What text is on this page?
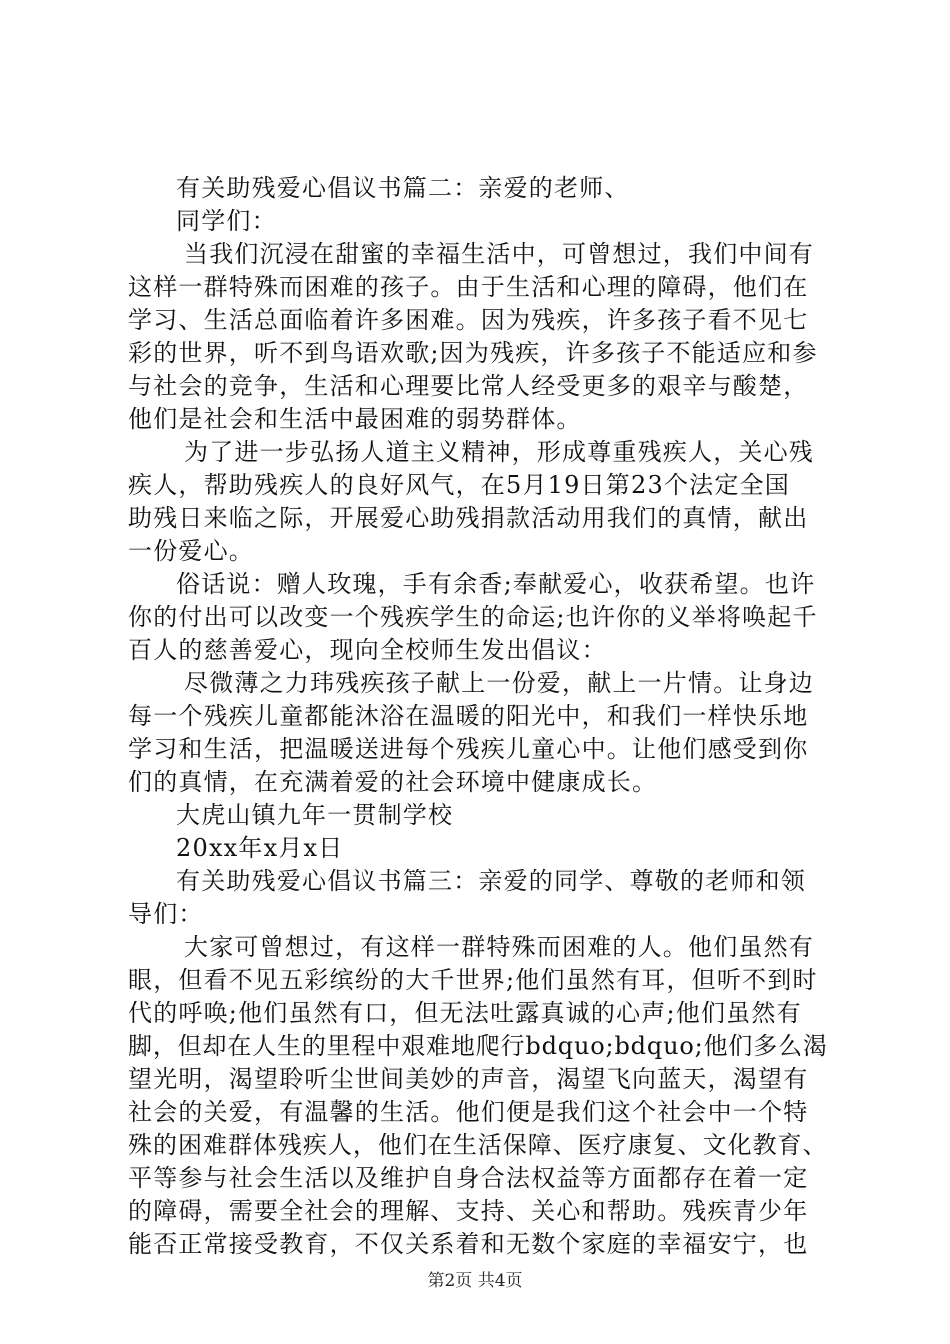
有关助残爱心倡议书篇二：亲爱的老师、
同学们：
当我们沉浸在甜蜜的幸福生活中，可曾想过，我们中间有
这样一群特殊而困难的孩子。由于生活和心理的障碍，他们在
学习、生活总面临着许多困难。因为残疾，许多孩子看不见七
彩的世界，听不到鸟语欢歌;因为残疾，许多孩子不能适应和参
与社会的竞争，生活和心理要比常人经受更多的艰辛与酸楚，
他们是社会和生活中最困难的弱势群体。
为了进一步弘扬人道主义精神，形成尊重残疾人，关心残
疾人，帮助残疾人的良好风气，在5月19日第23个法定全国
助残日来临之际，开展爱心助残捐款活动用我们的真情，献出
一份爱心。
俗话说：赠人玫瑰，手有余香;奉献爱心，收获希望。也许
你的付出可以改变一个残疾学生的命运;也许你的义举将唤起千
百人的慈善爱心，现向全校师生发出倡议：
尽微薄之力玮残疾孩子献上一份爱，献上一片情。让身边
每一个残疾儿童都能沐浴在温暖的阳光中，和我们一样快乐地
学习和生活，把温暖送进每个残疾儿童心中。让他们感受到你
们的真情，在充满着爱的社会环境中健康成长。
大虎山镇九年一贯制学校
20xx年x月x日
有关助残爱心倡议书篇三：亲爱的同学、尊敬的老师和领
导们：
大家可曾想过，有这样一群特殊而困难的人。他们虽然有
眼，但看不见五彩缤纷的大千世界;他们虽然有耳，但听不到时
代的呼唤;他们虽然有口，但无法吐露真诚的心声;他们虽然有
脚，但却在人生的里程中艰难地爬行bdquo;bdquo;他们多么渴
望光明，渴望聆听尘世间美妙的声音，渴望飞向蓝天，渴望有
社会的关爱，有温馨的生活。他们便是我们这个社会中一个特
殊的困难群体残疾人，他们在生活保障、医疗康复、文化教育、
平等参与社会生活以及维护自身合法权益等方面都存在着一定
的障碍，需要全社会的理解、支持、关心和帮助。残疾青少年
能否正常接受教育，不仅关系着和无数个家庭的幸福安宁，也
第2页 共4页
